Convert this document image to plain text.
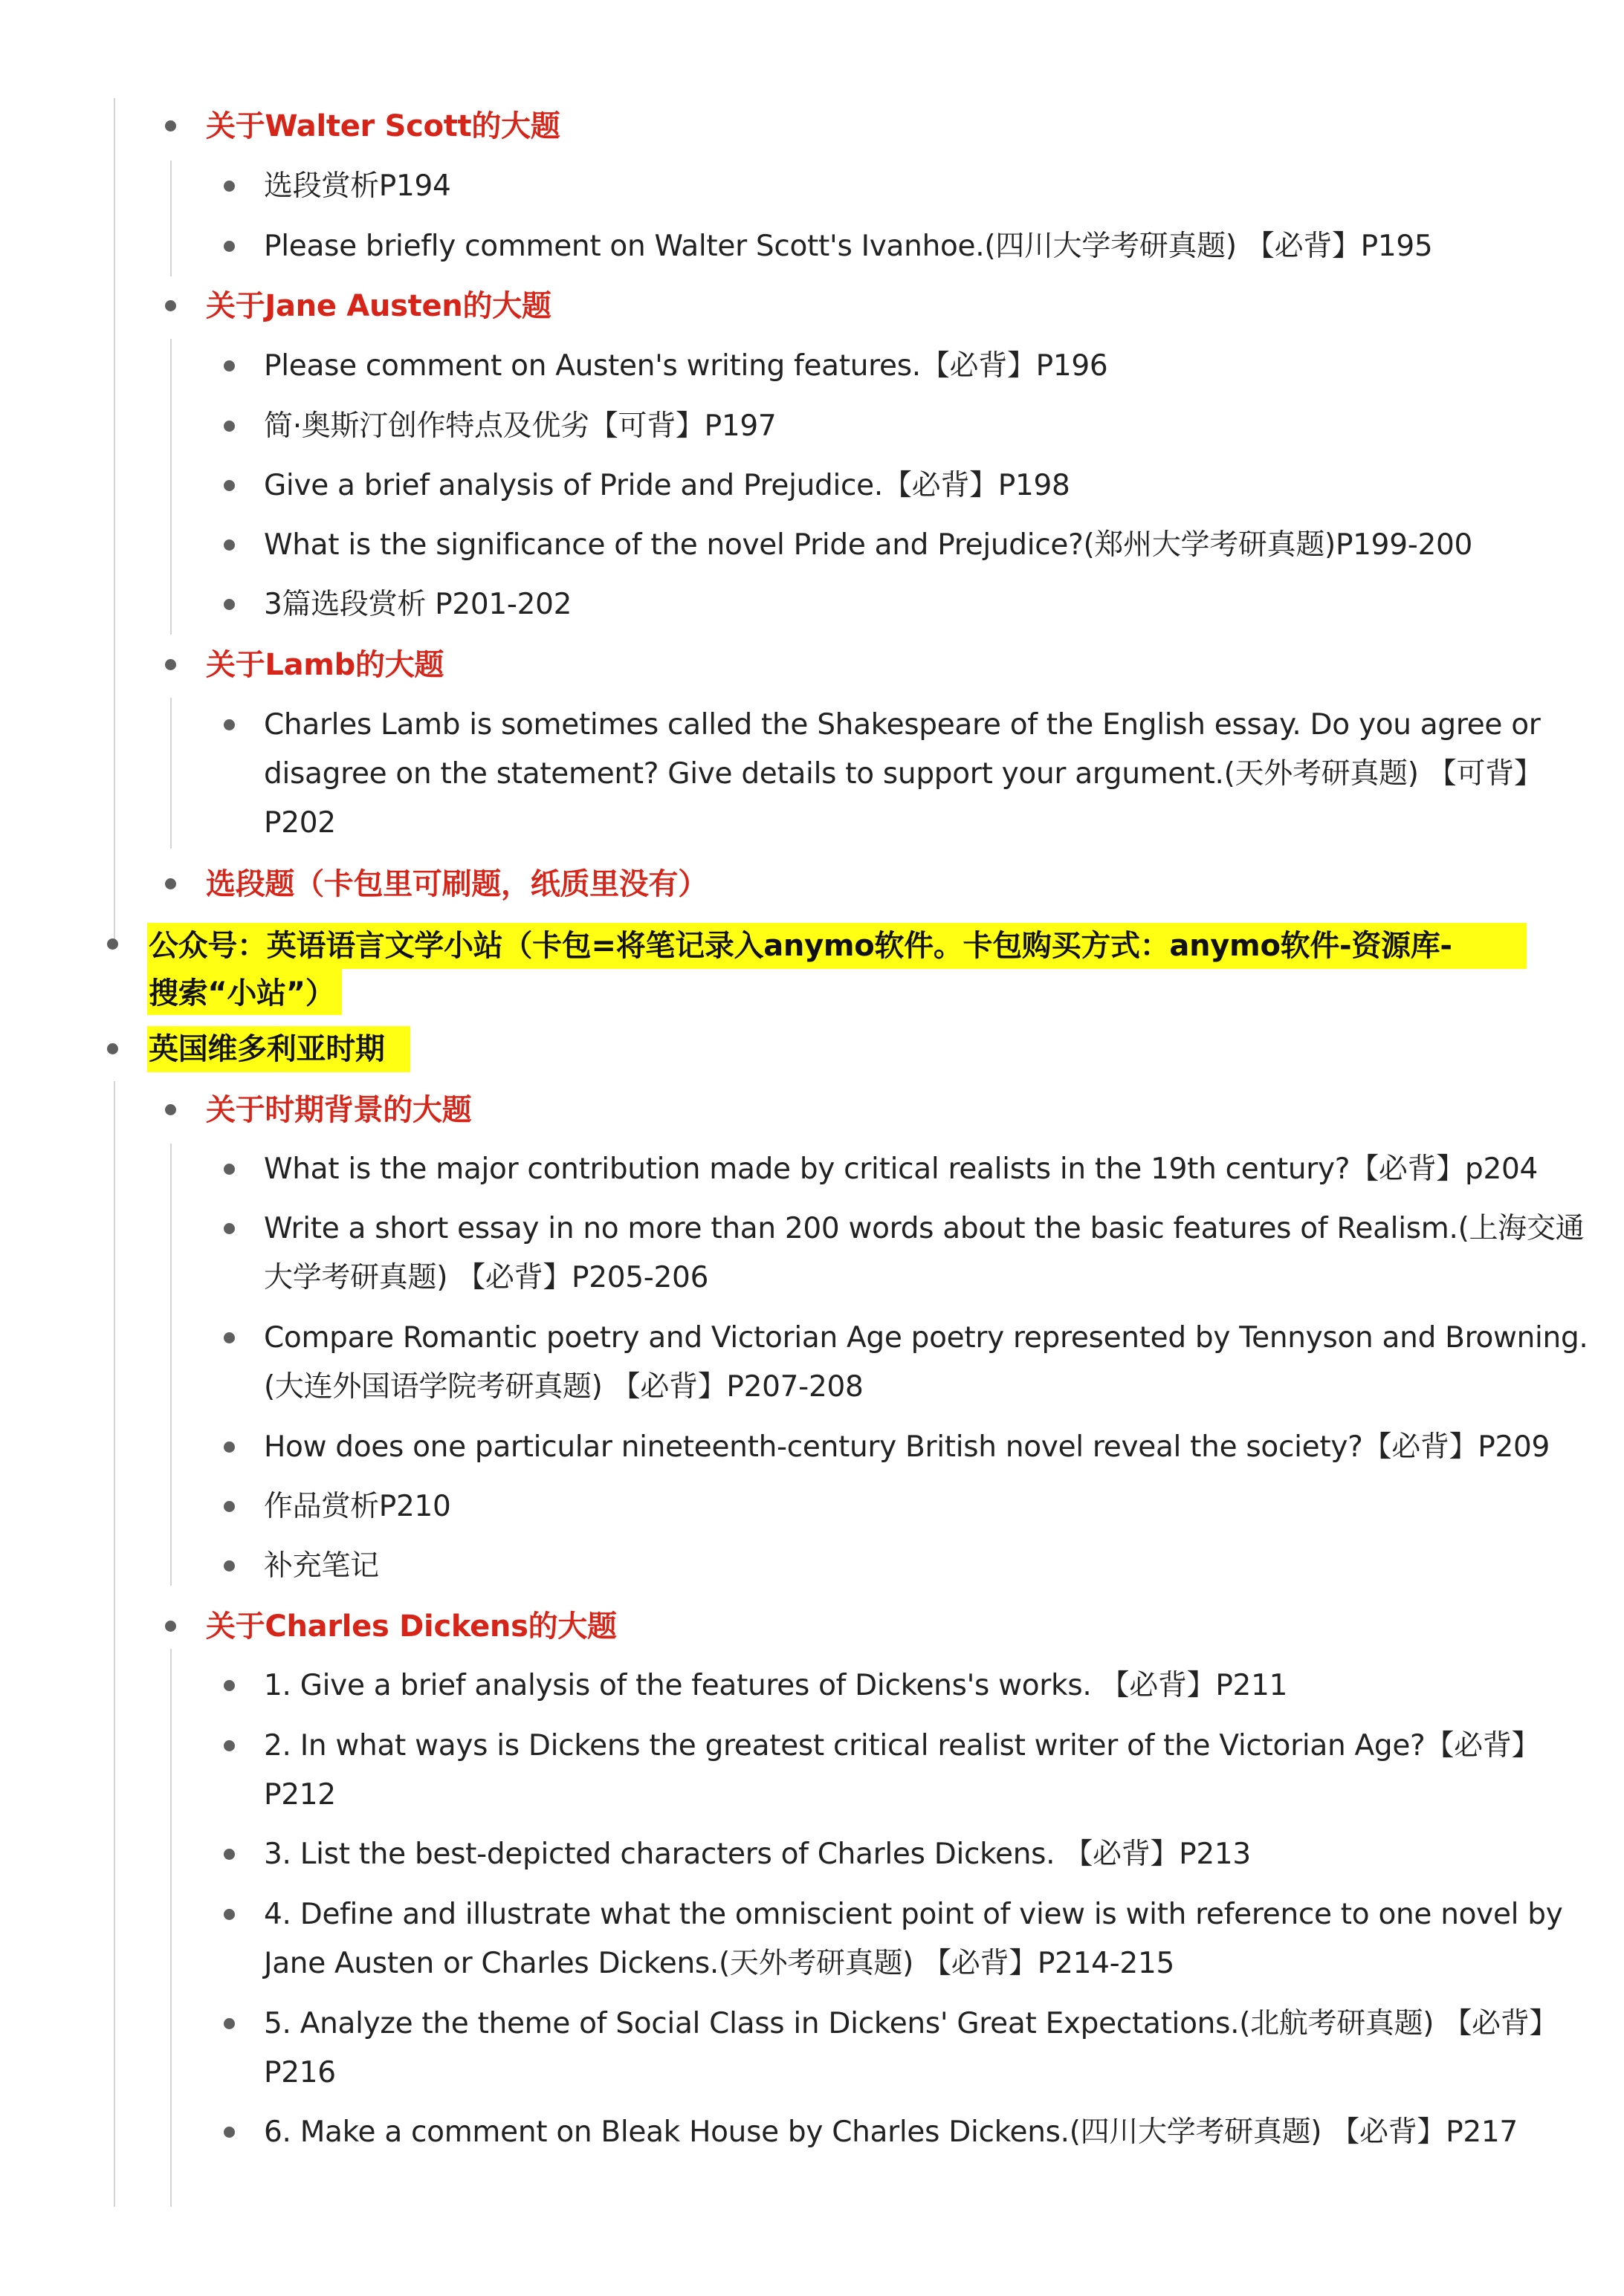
关于Walter Scott的大题
选段赏析P194
Please briefly comment on Walter Scott's Ivanhoe.(四川大学考研真题) 【必背】P195
关于Jane Austen的大题
Please comment on Austen's writing features.【必背】P196
简·奥斯汀创作特点及优劣【可背】P197
Give a brief analysis of Pride and Prejudice.【必背】P198
What is the significance of the novel Pride and Prejudice?(郑州大学考研真题)P199-200
3篇选段赏析 P201-202
关于Lamb的大题
Charles Lamb is sometimes called the Shakespeare of the English essay. Do you agree or
disagree on the statement? Give details to support your argument.(天外考研真题) 【可背】
P202
选段题（卡包里可刷题，纸质里没有）
公众号：英语语言文学小站（卡包=将笔记录入anymo软件。卡包购买方式：anymo软件-资源库-
搜索“小站”）
英国维多利亚时期
关于时期背景的大题
What is the major contribution made by critical realists in the 19th century?【必背】p204
Write a short essay in no more than 200 words about the basic features of Realism.(上海交通
大学考研真题) 【必背】P205-206
Compare Romantic poetry and Victorian Age poetry represented by Tennyson and Browning.
(大连外国语学院考研真题) 【必背】P207-208
How does one particular nineteenth-century British novel reveal the society?【必背】P209
作品赏析P210
补充笔记
关于Charles Dickens的大题
1. Give a brief analysis of the features of Dickens's works. 【必背】P211
2. In what ways is Dickens the greatest critical realist writer of the Victorian Age?【必背】
P212
3. List the best-depicted characters of Charles Dickens. 【必背】P213
4. Define and illustrate what the omniscient point of view is with reference to one novel by
Jane Austen or Charles Dickens.(天外考研真题) 【必背】P214-215
5. Analyze the theme of Social Class in Dickens' Great Expectations.(北航考研真题) 【必背】
P216
6. Make a comment on Bleak House by Charles Dickens.(四川大学考研真题) 【必背】P217
